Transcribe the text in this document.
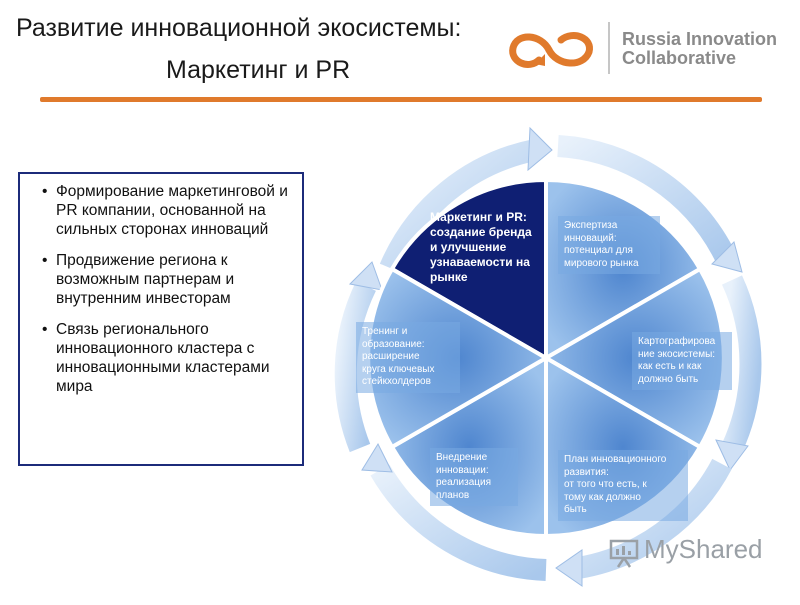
Развитие инновационной экосистемы:
Маркетинг и PR
Russia Innovation
Collaborative
• Формирование маркетинговой и PR компании, основанной на сильных сторонах инноваций
• Продвижение региона к возможным партнерам и внутренним инвесторам
• Связь регионального инновационного кластера с инновационными кластерами мира
Маркетинг и PR:
создание бренда
и улучшение
узнаваемости на
рынке
Экспертиза
инноваций:
потенциал для
мирового рынка
Картографирова
ние экосистемы:
как есть и как
должно быть
План инновационного
развития:
от того что есть, к
тому как должно
быть
Внедрение
инновации:
реализация
планов
Тренинг и
образование:
расширение
круга ключевых
стейкхолдеров
MyShared
